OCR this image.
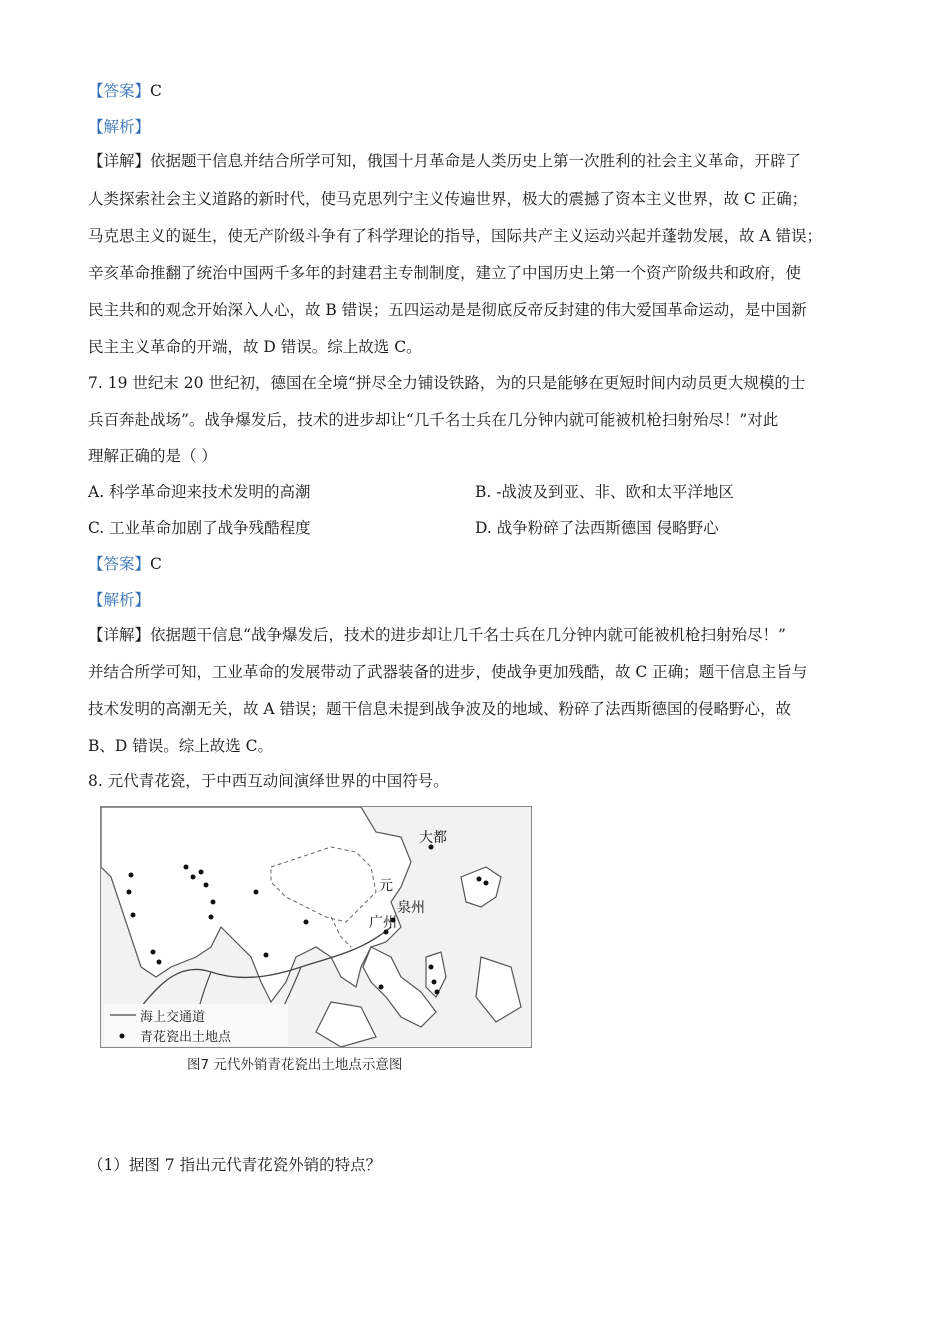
【答案】C
【解析】
【详解】依据题干信息并结合所学可知，俄国十月革命是人类历史上第一次胜利的社会主义革命，开辟了
人类探索社会主义道路的新时代，使马克思列宁主义传遍世界，极大的震撼了资本主义世界，故 C 正确；
马克思主义的诞生，使无产阶级斗争有了科学理论的指导，国际共产主义运动兴起并蓬勃发展，故 A 错误；
辛亥革命推翻了统治中国两千多年的封建君主专制制度，建立了中国历史上第一个资产阶级共和政府，使
民主共和的观念开始深入人心，故 B 错误；五四运动是是彻底反帝反封建的伟大爱国革命运动，是中国新
民主主义革命的开端，故 D 错误。综上故选 C。
7. 19 世纪末 20 世纪初，德国在全境“拼尽全力铺设铁路，为的只是能够在更短时间内动员更大规模的士
兵百奔赴战场”。战争爆发后，技术的进步却让“几千名士兵在几分钟内就可能被机枪扫射殆尽！”对此
理解正确的是（ ）
A. 科学革命迎来技术发明的高潮	B. -战波及到亚、非、欧和太平洋地区
C. 工业革命加剧了战争残酷程度	D. 战争粉碎了法西斯德国 侵略野心
【答案】C
【解析】
【详解】依据题干信息“战争爆发后，技术的进步却让几千名士兵在几分钟内就可能被机枪扫射殆尽！”
并结合所学可知，工业革命的发展带动了武器装备的进步，使战争更加残酷，故 C 正确；题干信息主旨与
技术发明的高潮无关，故 A 错误；题干信息未提到战争波及的地域、粉碎了法西斯德国的侵略野心，故
B、D 错误。综上故选 C。
8. 元代青花瓷，于中西互动间演绎世界的中国符号。
大都
元
泉州
广州
海上交通道
青花瓷出土地点
图7 元代外销青花瓷出土地点示意图
（1）据图 7 指出元代青花瓷外销的特点？
